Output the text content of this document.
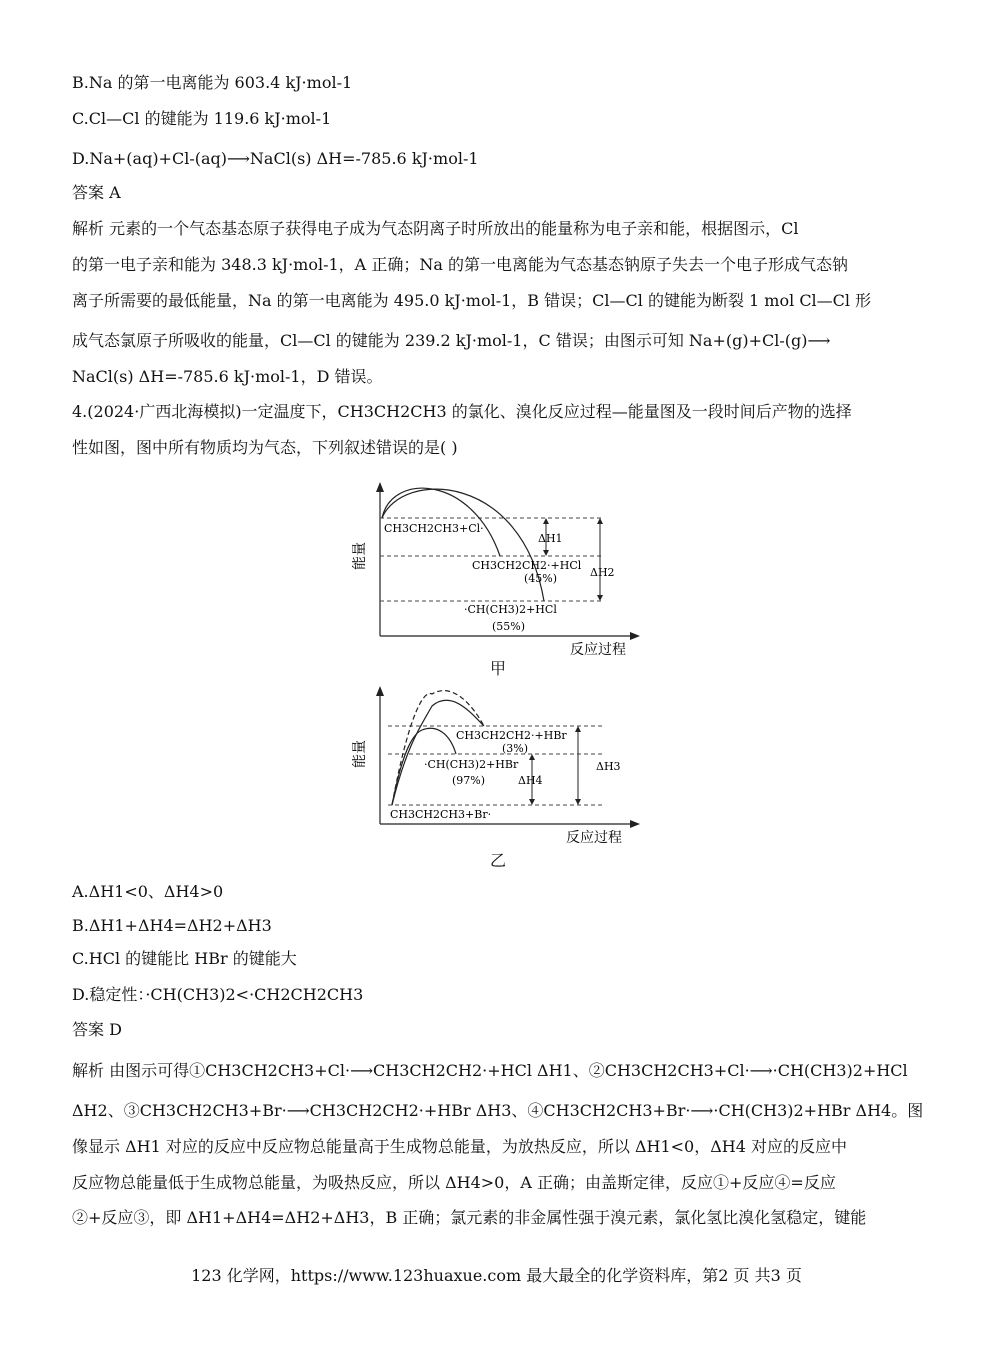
B.Na 的第一电离能为 603.4 kJ·mol-1
C.Cl—Cl 的键能为 119.6 kJ·mol-1
D.Na+(aq)+Cl-(aq)⟶NaCl(s) ΔH=-785.6 kJ·mol-1
答案 A
解析 元素的一个气态基态原子获得电子成为气态阴离子时所放出的能量称为电子亲和能，根据图示，Cl
的第一电子亲和能为 348.3 kJ·mol-1，A 正确；Na 的第一电离能为气态基态钠原子失去一个电子形成气态钠
离子所需要的最低能量，Na 的第一电离能为 495.0 kJ·mol-1，B 错误；Cl—Cl 的键能为断裂 1 mol Cl—Cl 形
成气态氯原子所吸收的能量，Cl—Cl 的键能为 239.2 kJ·mol-1，C 错误；由图示可知 Na+(g)+Cl-(g)⟶
NaCl(s) ΔH=-785.6 kJ·mol-1，D 错误。
4.(2024·广西北海模拟)一定温度下，CH3CH2CH3 的氯化、溴化反应过程—能量图及一段时间后产物的选择
性如图，图中所有物质均为气态，下列叙述错误的是( )
能量
反应过程
CH3CH2CH3+Cl·
CH3CH2CH2·+HCl
(45%)
·CH(CH3)2+HCl
(55%)
ΔH1
ΔH2
甲
能量
反应过程
CH3CH2CH2·+HBr
(3%)
·CH(CH3)2+HBr
(97%)
CH3CH2CH3+Br·
ΔH4
ΔH3
乙
A.ΔH1<0、ΔH4>0
B.ΔH1+ΔH4=ΔH2+ΔH3
C.HCl 的键能比 HBr 的键能大
D.稳定性：·CH(CH3)2<·CH2CH2CH3
答案 D
解析 由图示可得①CH3CH2CH3+Cl·⟶CH3CH2CH2·+HCl ΔH1、②CH3CH2CH3+Cl·⟶·CH(CH3)2+HCl
ΔH2、③CH3CH2CH3+Br·⟶CH3CH2CH2·+HBr ΔH3、④CH3CH2CH3+Br·⟶·CH(CH3)2+HBr ΔH4。图
像显示 ΔH1 对应的反应中反应物总能量高于生成物总能量，为放热反应，所以 ΔH1<0，ΔH4 对应的反应中
反应物总能量低于生成物总能量，为吸热反应，所以 ΔH4>0，A 正确；由盖斯定律，反应①+反应④=反应
②+反应③，即 ΔH1+ΔH4=ΔH2+ΔH3，B 正确；氯元素的非金属性强于溴元素，氯化氢比溴化氢稳定，键能
123 化学网，https://www.123huaxue.com 最大最全的化学资料库，第2 页 共3 页
